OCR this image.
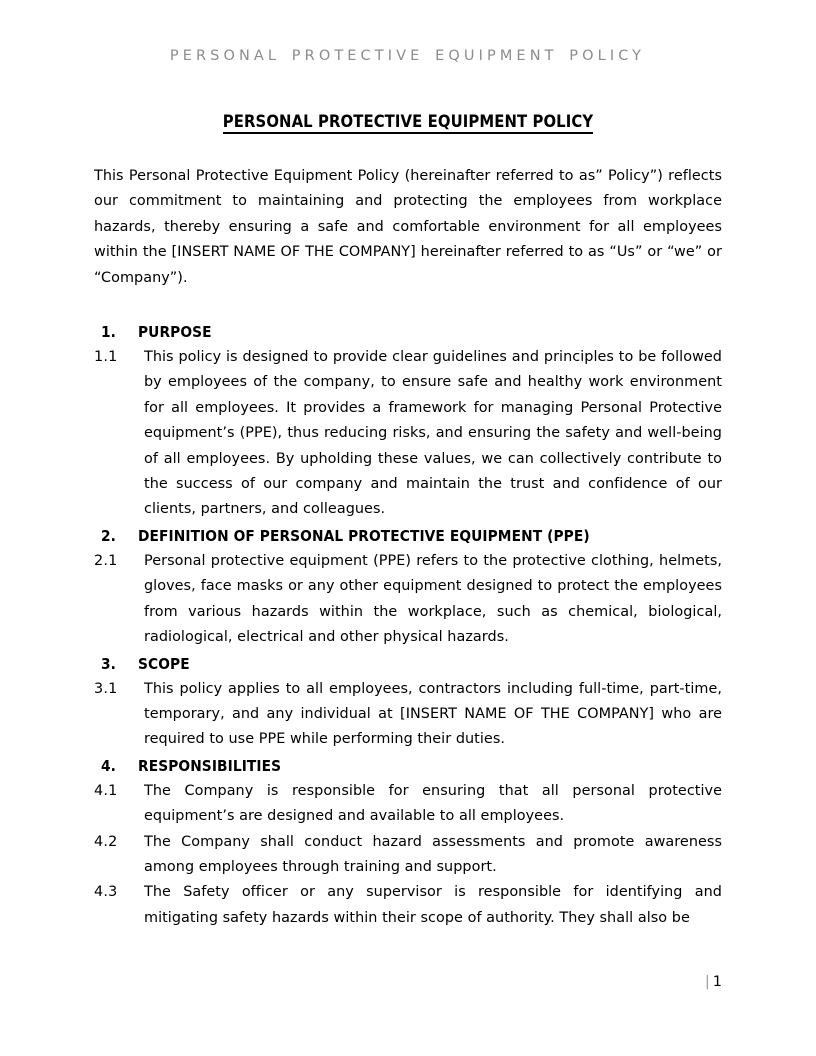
PERSONAL PROTECTIVE EQUIPMENT POLICY
PERSONAL PROTECTIVE EQUIPMENT POLICY

This Personal Protective Equipment Policy (hereinafter referred to as” Policy”) reflects our commitment to maintaining and protecting the employees from workplace hazards, thereby ensuring a safe and comfortable environment for all employees within the [INSERT NAME OF THE COMPANY] hereinafter referred to as “Us” or “we” or “Company”).

1.	PURPOSE
1.1	This policy is designed to provide clear guidelines and principles to be followed by employees of the company, to ensure safe and healthy work environment for all employees. It provides a framework for managing Personal Protective equipment’s (PPE), thus reducing risks, and ensuring the safety and well-being of all employees. By upholding these values, we can collectively contribute to the success of our company and maintain the trust and confidence of our clients, partners, and colleagues.
2.	DEFINITION OF PERSONAL PROTECTIVE EQUIPMENT (PPE)
2.1	Personal protective equipment (PPE) refers to the protective clothing, helmets, gloves, face masks or any other equipment designed to protect the employees from various hazards within the workplace, such as chemical, biological, radiological, electrical and other physical hazards.
3.	SCOPE
3.1	This policy applies to all employees, contractors including full-time, part-time, temporary, and any individual at [INSERT NAME OF THE COMPANY] who are required to use PPE while performing their duties.
4.	RESPONSIBILITIES
4.1	The Company is responsible for ensuring that all personal protective equipment’s are designed and available to all employees.
4.2	The Company shall conduct hazard assessments and promote awareness among employees through training and support.
4.3	The Safety officer or any supervisor is responsible for identifying and mitigating safety hazards within their scope of authority. They shall also be
| 1
